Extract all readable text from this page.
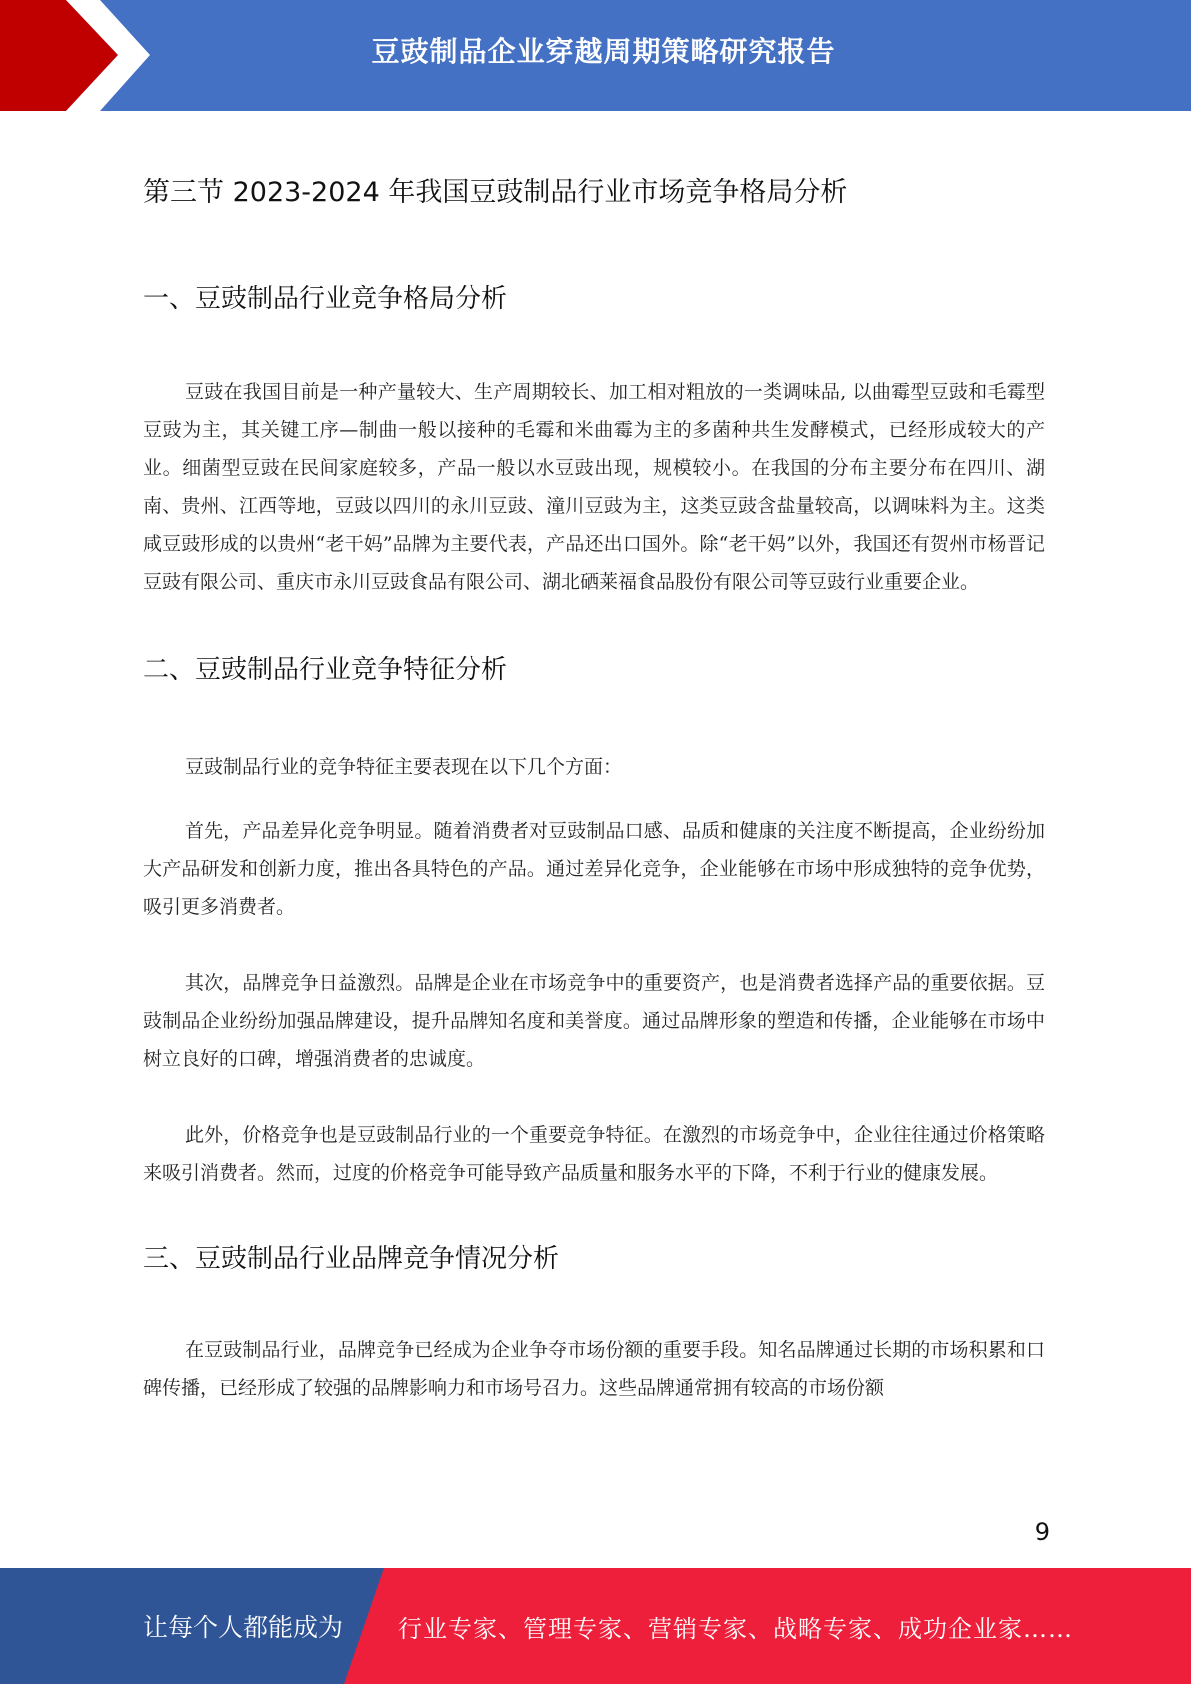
豆豉制品企业穿越周期策略研究报告
第三节 2023-2024 年我国豆豉制品行业市场竞争格局分析
一、豆豉制品行业竞争格局分析

豆豉在我国目前是一种产量较大、生产周期较长、加工相对粗放的一类调味品, 以曲霉型豆豉和毛霉型豆豉为主，其关键工序—制曲一般以接种的毛霉和米曲霉为主的多菌种共生发酵模式，已经形成较大的产业。细菌型豆豉在民间家庭较多，产品一般以水豆豉出现，规模较小。在我国的分布主要分布在四川、湖南、贵州、江西等地，豆豉以四川的永川豆豉、潼川豆豉为主，这类豆豉含盐量较高，以调味料为主。这类咸豆豉形成的以贵州“老干妈”品牌为主要代表，产品还出口国外。除“老干妈”以外，我国还有贺州市杨晋记豆豉有限公司、重庆市永川豆豉食品有限公司、湖北硒莱福食品股份有限公司等豆豉行业重要企业。

二、豆豉制品行业竞争特征分析

豆豉制品行业的竞争特征主要表现在以下几个方面：

首先，产品差异化竞争明显。随着消费者对豆豉制品口感、品质和健康的关注度不断提高，企业纷纷加大产品研发和创新力度，推出各具特色的产品。通过差异化竞争，企业能够在市场中形成独特的竞争优势，吸引更多消费者。

其次，品牌竞争日益激烈。品牌是企业在市场竞争中的重要资产，也是消费者选择产品的重要依据。豆豉制品企业纷纷加强品牌建设，提升品牌知名度和美誉度。通过品牌形象的塑造和传播，企业能够在市场中树立良好的口碑，增强消费者的忠诚度。

此外，价格竞争也是豆豉制品行业的一个重要竞争特征。在激烈的市场竞争中，企业往往通过价格策略来吸引消费者。然而，过度的价格竞争可能导致产品质量和服务水平的下降，不利于行业的健康发展。

三、豆豉制品行业品牌竞争情况分析

在豆豉制品行业，品牌竞争已经成为企业争夺市场份额的重要手段。知名品牌通过长期的市场积累和口碑传播，已经形成了较强的品牌影响力和市场号召力。这些品牌通常拥有较高的市场份额

9
让每个人都能成为 行业专家、管理专家、营销专家、战略专家、成功企业家……
